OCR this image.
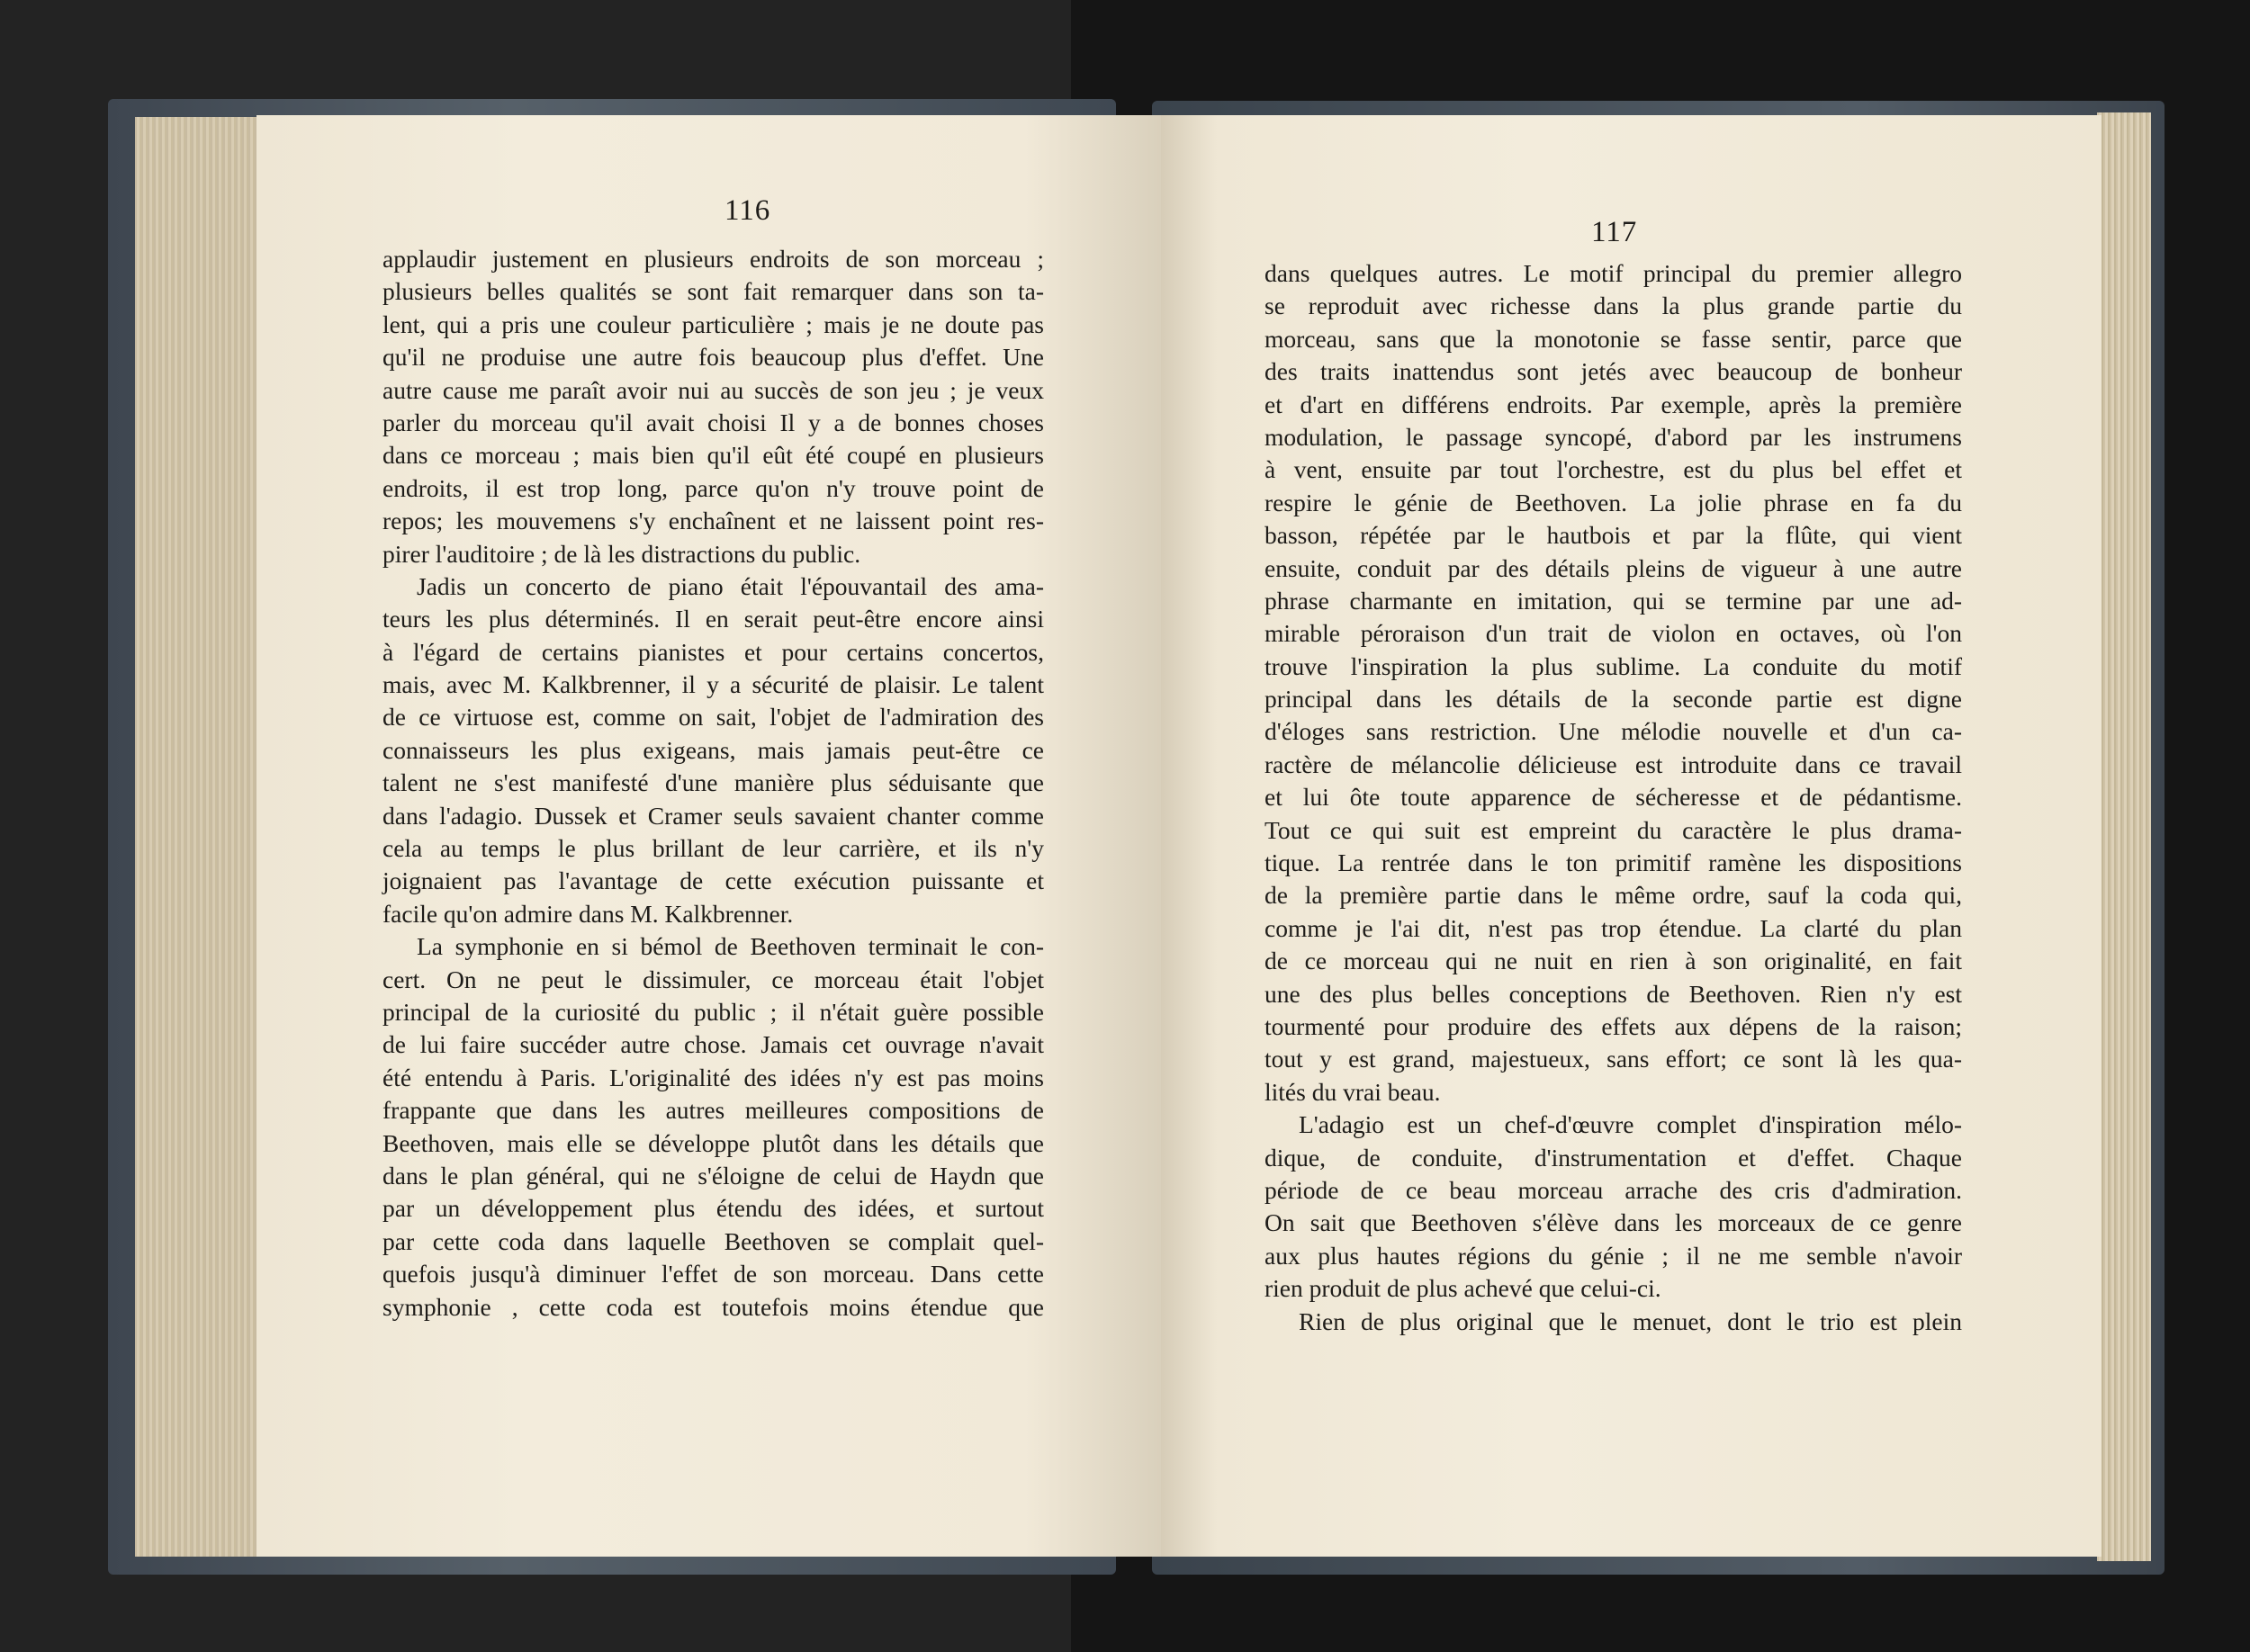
116
applaudir justement en plusieurs endroits de son morceau ;
plusieurs belles qualités se sont fait remarquer dans son ta-
lent, qui a pris une couleur particulière ; mais je ne doute pas
qu'il ne produise une autre fois beaucoup plus d'effet. Une
autre cause me paraît avoir nui au succès de son jeu ; je veux
parler du morceau qu'il avait choisi Il y a de bonnes choses
dans ce morceau ; mais bien qu'il eût été coupé en plusieurs
endroits, il est trop long, parce qu'on n'y trouve point de
repos; les mouvemens s'y enchaînent et ne laissent point res-
pirer l'auditoire ; de là les distractions du public.
Jadis un concerto de piano était l'épouvantail des ama-
teurs les plus déterminés. Il en serait peut-être encore ainsi
à l'égard de certains pianistes et pour certains concertos,
mais, avec M. Kalkbrenner, il y a sécurité de plaisir. Le talent
de ce virtuose est, comme on sait, l'objet de l'admiration des
connaisseurs les plus exigeans, mais jamais peut-être ce
talent ne s'est manifesté d'une manière plus séduisante que
dans l'adagio. Dussek et Cramer seuls savaient chanter comme
cela au temps le plus brillant de leur carrière, et ils n'y
joignaient pas l'avantage de cette exécution puissante et
facile qu'on admire dans M. Kalkbrenner.
La symphonie en si bémol de Beethoven terminait le con-
cert. On ne peut le dissimuler, ce morceau était l'objet
principal de la curiosité du public ; il n'était guère possible
de lui faire succéder autre chose. Jamais cet ouvrage n'avait
été entendu à Paris. L'originalité des idées n'y est pas moins
frappante que dans les autres meilleures compositions de
Beethoven, mais elle se développe plutôt dans les détails que
dans le plan général, qui ne s'éloigne de celui de Haydn que
par un développement plus étendu des idées, et surtout
par cette coda dans laquelle Beethoven se complait quel-
quefois jusqu'à diminuer l'effet de son morceau. Dans cette
symphonie , cette coda est toutefois moins étendue que
117
dans quelques autres. Le motif principal du premier allegro
se reproduit avec richesse dans la plus grande partie du
morceau, sans que la monotonie se fasse sentir, parce que
des traits inattendus sont jetés avec beaucoup de bonheur
et d'art en différens endroits. Par exemple, après la première
modulation, le passage syncopé, d'abord par les instrumens
à vent, ensuite par tout l'orchestre, est du plus bel effet et
respire le génie de Beethoven. La jolie phrase en fa du
basson, répétée par le hautbois et par la flûte, qui vient
ensuite, conduit par des détails pleins de vigueur à une autre
phrase charmante en imitation, qui se termine par une ad-
mirable péroraison d'un trait de violon en octaves, où l'on
trouve l'inspiration la plus sublime. La conduite du motif
principal dans les détails de la seconde partie est digne
d'éloges sans restriction. Une mélodie nouvelle et d'un ca-
ractère de mélancolie délicieuse est introduite dans ce travail
et lui ôte toute apparence de sécheresse et de pédantisme.
Tout ce qui suit est empreint du caractère le plus drama-
tique. La rentrée dans le ton primitif ramène les dispositions
de la première partie dans le même ordre, sauf la coda qui,
comme je l'ai dit, n'est pas trop étendue. La clarté du plan
de ce morceau qui ne nuit en rien à son originalité, en fait
une des plus belles conceptions de Beethoven. Rien n'y est
tourmenté pour produire des effets aux dépens de la raison;
tout y est grand, majestueux, sans effort; ce sont là les qua-
lités du vrai beau.
L'adagio est un chef-d'œuvre complet d'inspiration mélo-
dique, de conduite, d'instrumentation et d'effet. Chaque
période de ce beau morceau arrache des cris d'admiration.
On sait que Beethoven s'élève dans les morceaux de ce genre
aux plus hautes régions du génie ; il ne me semble n'avoir
rien produit de plus achevé que celui-ci.
Rien de plus original que le menuet, dont le trio est plein
